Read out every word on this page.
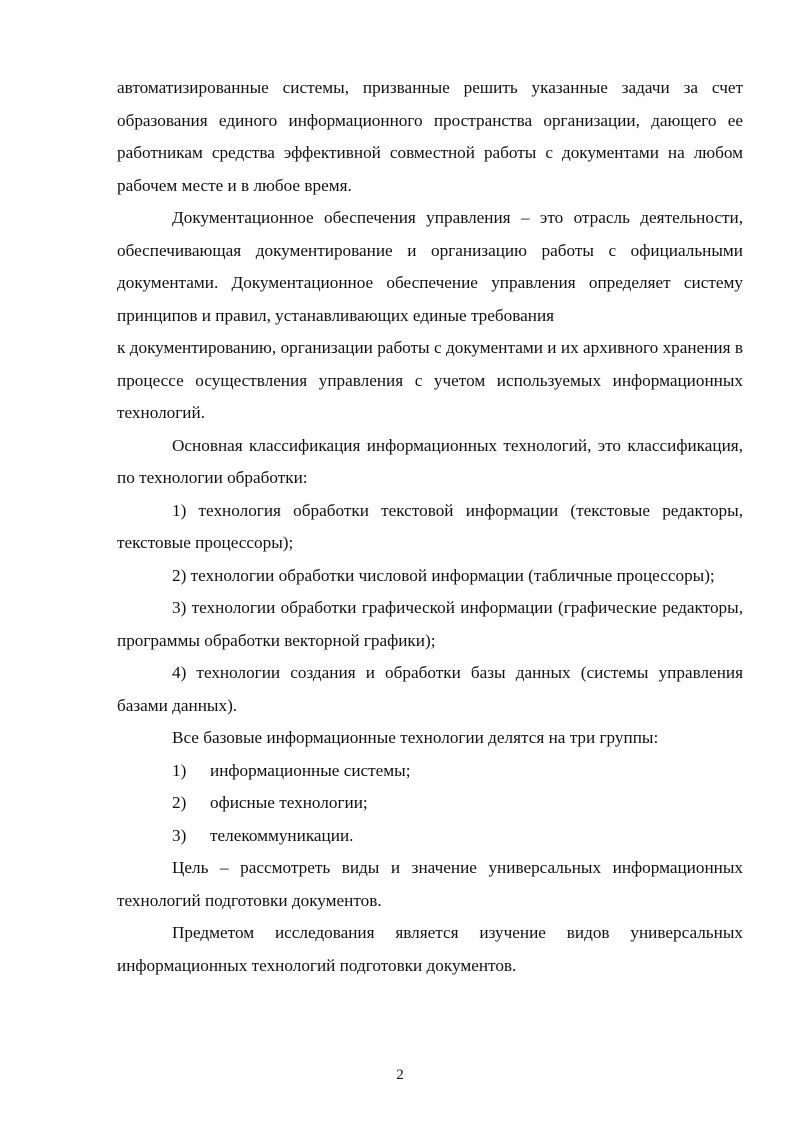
автоматизированные системы, призванные решить указанные задачи за счет образования единого информационного пространства организации, дающего ее работникам средства эффективной совместной работы с документами на любом рабочем месте и в любое время.

Документационное обеспечения управления – это отрасль деятельности, обеспечивающая документирование и организацию работы с официальными документами. Документационное обеспечение управления определяет систему принципов и правил, устанавливающих единые требования

к документированию, организации работы с документами и их архивного хранения в процессе осуществления управления с учетом используемых информационных технологий.

Основная классификация информационных технологий, это классификация, по технологии обработки:

1) технология обработки текстовой информации (текстовые редакторы, текстовые процессоры);

2) технологии обработки числовой информации (табличные процессоры);

3) технологии обработки графической информации (графические редакторы, программы обработки векторной графики);

4) технологии создания и обработки базы данных (системы управления базами данных).

Все базовые информационные технологии делятся на три группы:

1) информационные системы;

2) офисные технологии;

3) телекоммуникации.

Цель – рассмотреть виды и значение универсальных информационных технологий подготовки документов.

Предметом исследования является изучение видов универсальных информационных технологий подготовки документов.

2
